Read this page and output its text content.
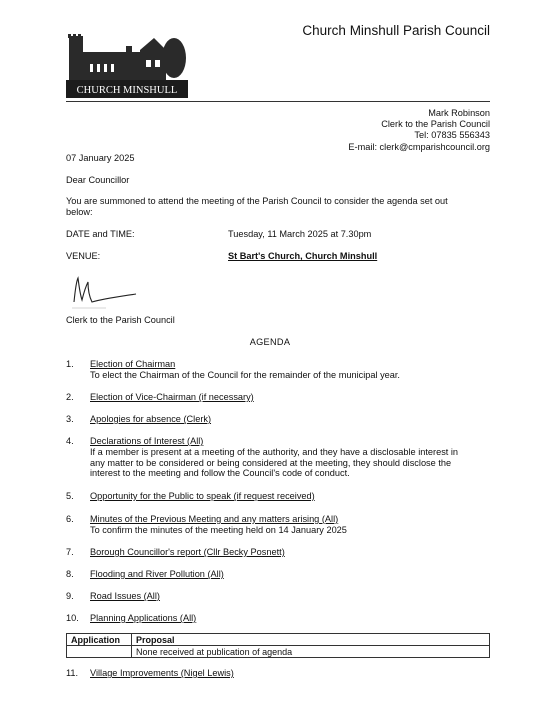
Church Minshull Parish Council
CHURCH MINSHULL
Mark Robinson
Clerk to the Parish Council
Tel: 07835 556343
E-mail: clerk@cmparishcouncil.org
07 January 2025
Dear Councillor
You are summoned to attend the meeting of the Parish Council to consider the agenda set out
below:
DATE and TIME:	Tuesday, 11 March 2025 at 7.30pm
VENUE:	St Bart's Church, Church Minshull
Clerk to the Parish Council
AGENDA
1. Election of Chairman
To elect the Chairman of the Council for the remainder of the municipal year.
2. Election of Vice-Chairman (if necessary)
3. Apologies for absence (Clerk)
4. Declarations of Interest (All)
If a member is present at a meeting of the authority, and they have a disclosable interest in
any matter to be considered or being considered at the meeting, they should disclose the
interest to the meeting and follow the Council's code of conduct.
5. Opportunity for the Public to speak (if request received)
6. Minutes of the Previous Meeting and any matters arising (All)
To confirm the minutes of the meeting held on 14 January 2025
7. Borough Councillor's report (Cllr Becky Posnett)
8. Flooding and River Pollution (All)
9. Road Issues (All)
10. Planning Applications (All)
Application	Proposal
	None received at publication of agenda
11. Village Improvements (Nigel Lewis)
